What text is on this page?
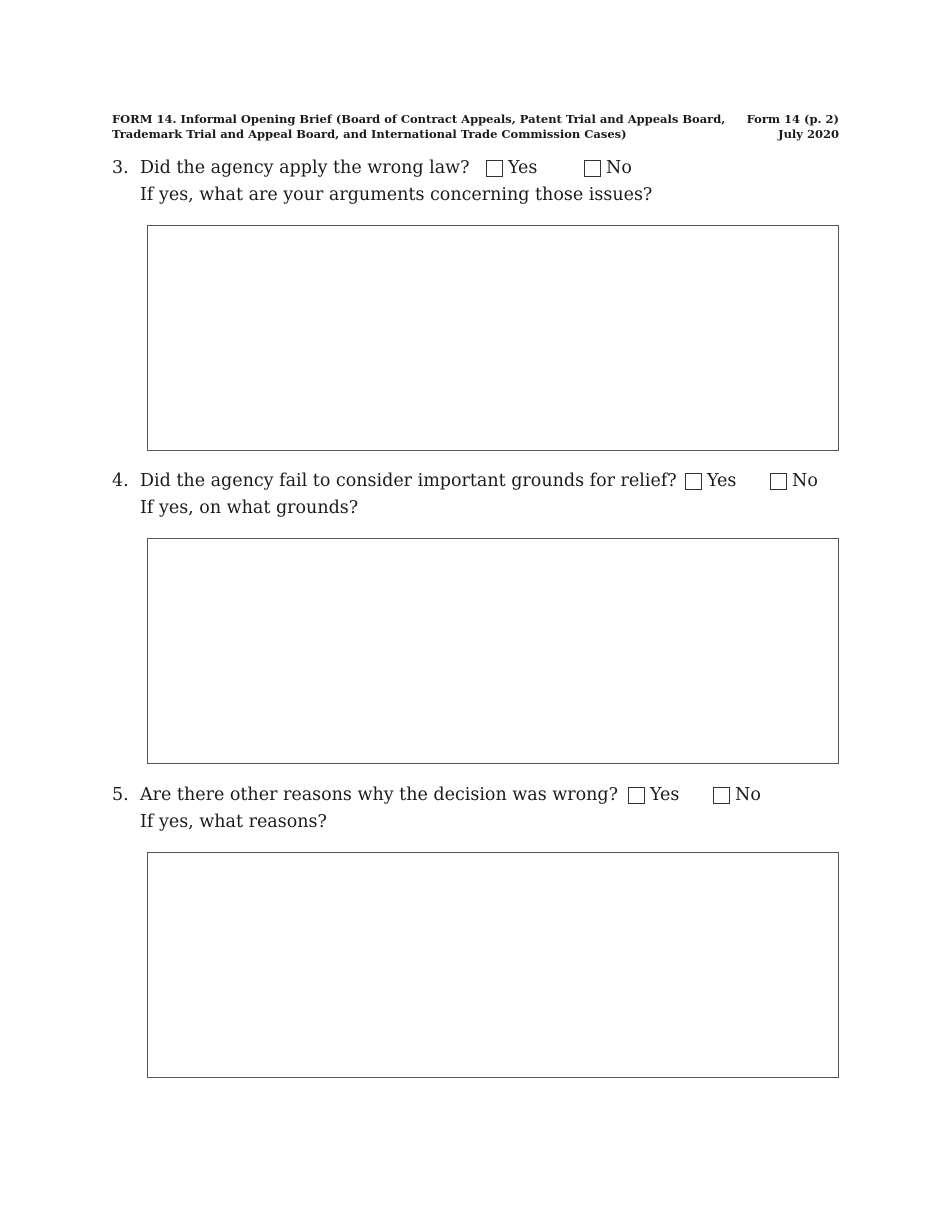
FORM 14. Informal Opening Brief (Board of Contract Appeals, Patent Trial and Appeals Board,
Trademark Trial and Appeal Board, and International Trade Commission Cases)
Form 14 (p. 2)
July 2020
3. Did the agency apply the wrong law? Yes	No
If yes, what are your arguments concerning those issues?
4. Did the agency fail to consider important grounds for relief? Yes	No
If yes, on what grounds?
5. Are there other reasons why the decision was wrong? Yes	No
If yes, what reasons?
